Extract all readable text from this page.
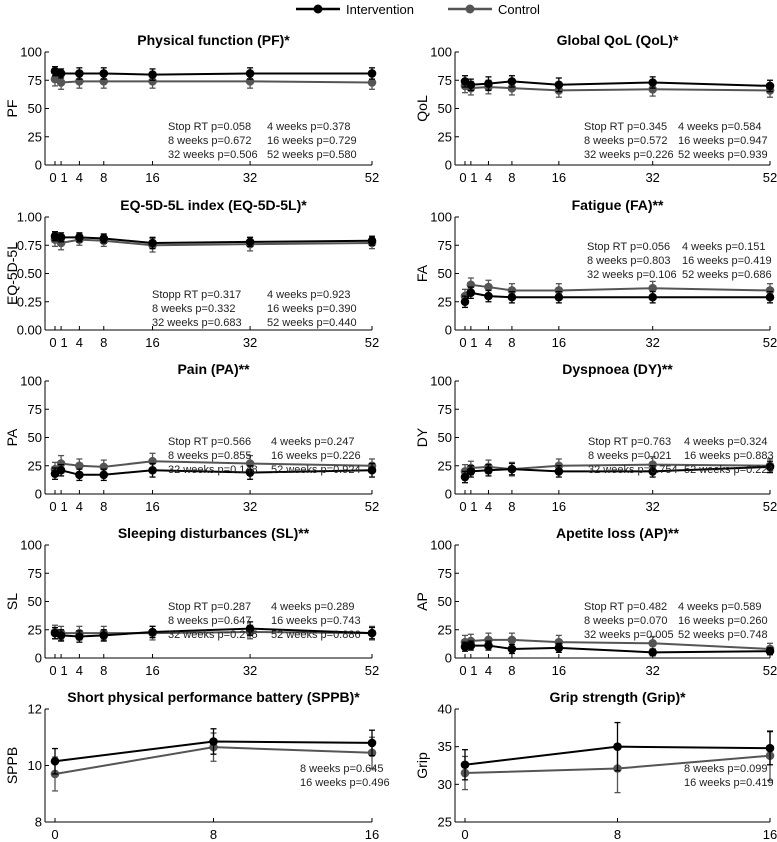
Intervention	Control
Physical function (PF)*
PF
0
25
50
75
100
0 1 4 8	16	32	52
Stop RT p=0.058 4 weeks p=0.378
8 weeks p=0.672 16 weeks p=0.729
32 weeks p=0.506 52 weeks p=0.580
Global QoL (QoL)*
QoL
0
25
50
75
100
0 1 4 8	16	32	52
Stop RT p=0.345 4 weeks p=0.584
8 weeks p=0.572 16 weeks p=0.947
32 weeks p=0.226 52 weeks p=0.939
EQ-5D-5L index (EQ-5D-5L)*
EQ-5D-5L
0.00
0.25
0.50
0.75
1.00
0 1 4 8	16	32	52
Stopp RT p=0.317 4 weeks p=0.923
8 weeks p=0.332	16 weeks p=0.390
32 weeks p=0.683 52 weeks p=0.440
Fatigue (FA)**
FA
0
25
50
75
100
0 1 4 8	16	32	52
Stop RT p=0.056 4 weeks p=0.151
8 weeks p=0.803 16 weeks p=0.419
32 weeks p=0.106 52 weeks p=0.686
Pain (PA)**
PA
0
25
50
75
100
0 1 4 8	16	32	52
Stop RT p=0.566 4 weeks p=0.247
8 weeks p=0.855 16 weeks p=0.226
32 weeks p=0.148 52 weeks p=0.924
Dyspnoea (DY)**
DY
0
25
50
75
100
0 1 4 8	16	32	52
Stop RT p=0.763 4 weeks p=0.324
8 weeks p=0.021 16 weeks p=0.883
32 weeks p=0.754 52 weeks p=0.224
Sleeping disturbances (SL)**
SL
0
25
50
75
100
0 1 4 8	16	32	52
Stop RT p=0.287 4 weeks p=0.289
8 weeks p=0.647 16 weeks p=0.743
32 weeks p=0.275 52 weeks p=0.886
Apetite loss (AP)**
AP
0
25
50
75
100
0 1 4 8	16	32	52
Stop RT p=0.482 4 weeks p=0.589
8 weeks p=0.070 16 weeks p=0.260
32 weeks p=0.005 52 weeks p=0.748
Short physical performance battery (SPPB)*
SPPB
8
10
12
0	8	16
8 weeks p=0.645
16 weeks p=0.496
Grip strength (Grip)*
Grip
25
30
35
40
0	8	16
8 weeks p=0.099
16 weeks p=0.419
